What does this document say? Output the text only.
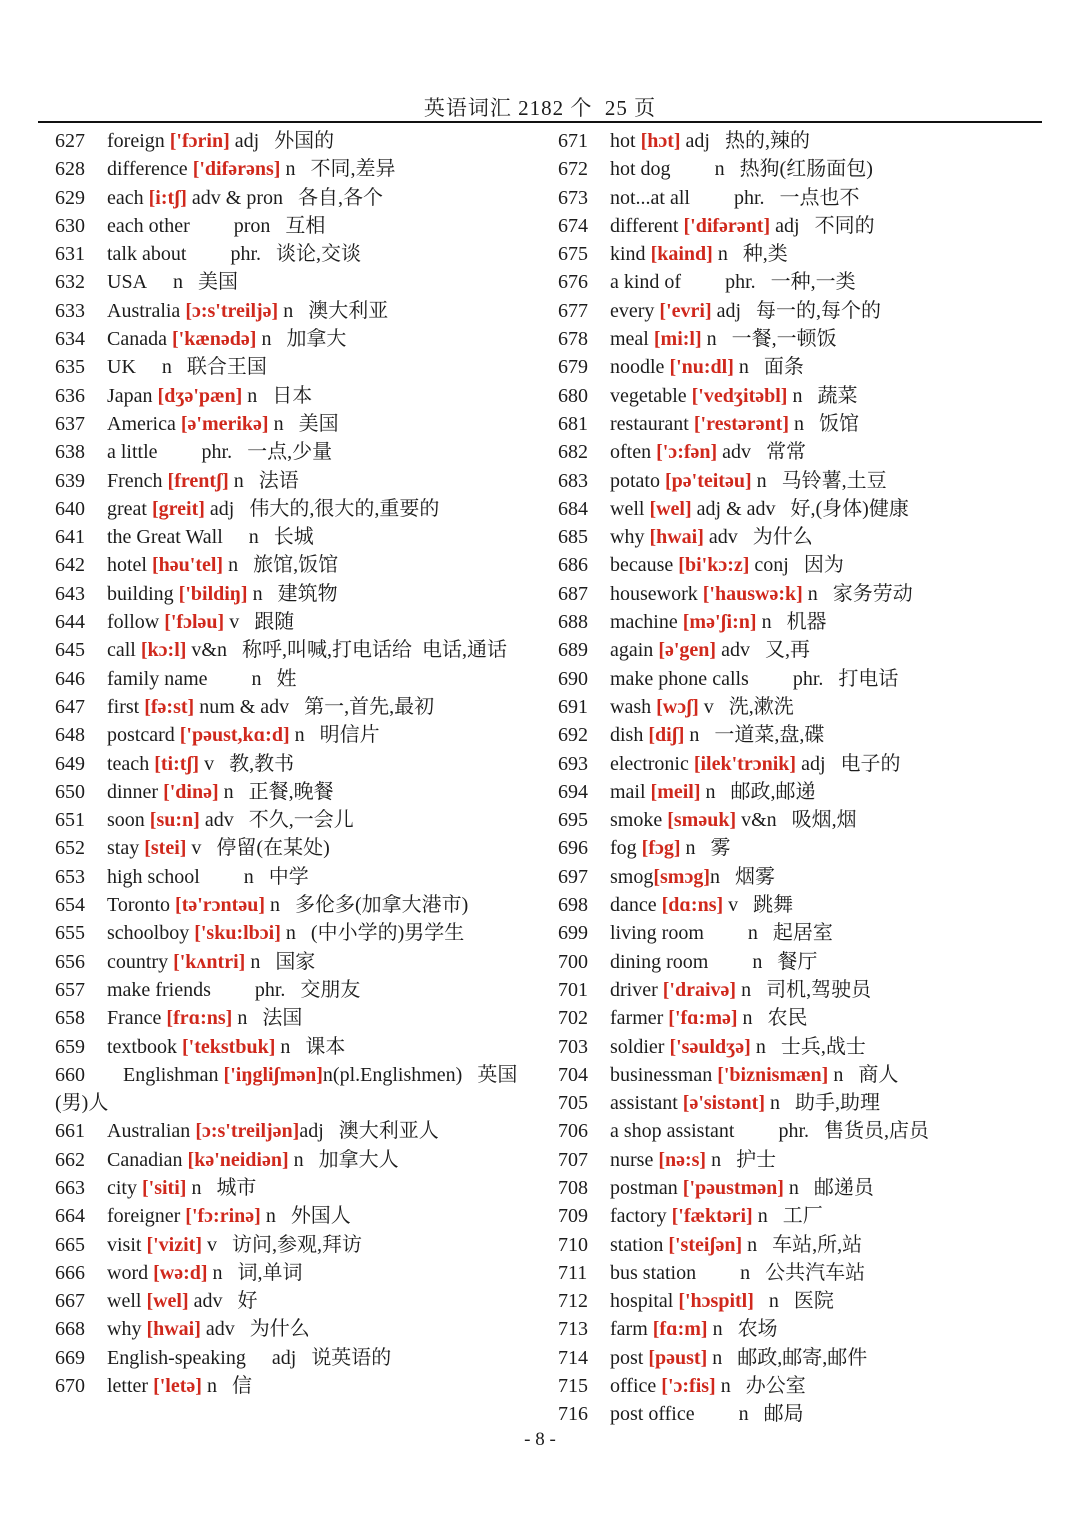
英语词汇 2182 个  25 页
627 foreign ['fɔrin] adj 外国的
628 difference ['difərəns] n 不同,差异
629 each [i:tʃ] adv & pron 各自,各个
630 each other pron 互相
631 talk about phr. 谈论,交谈
632 USA n 美国
633 Australia [ɔ:s'treiljə] n 澳大利亚
634 Canada ['kænədə] n 加拿大
635 UK n 联合王国
636 Japan [dʒə'pæn] n 日本
637 America [ə'merikə] n 美国
638 a little phr. 一点,少量
639 French [frentʃ] n 法语
640 great [greit] adj 伟大的,很大的,重要的
641 the Great Wall n 长城
642 hotel [həu'tel] n 旅馆,饭馆
643 building ['bildiŋ] n 建筑物
644 follow ['fɔləu] v 跟随
645 call [kɔ:l] v&n 称呼,叫喊,打电话给  电话,通话
646 family name n 姓
647 first [fə:st] num & adv 第一,首先,最初
648 postcard ['pəust,kɑ:d] n 明信片
649 teach [ti:tʃ] v 教,教书
650 dinner ['dinə] n 正餐,晚餐
651 soon [su:n] adv 不久,一会儿
652 stay [stei] v 停留(在某处)
653 high school n 中学
654 Toronto [tə'rɔntəu] n 多伦多(加拿大港市)
655 schoolboy ['sku:lbɔi] n (中小学的)男学生
656 country ['kʌntri] n 国家
657 make friends phr. 交朋友
658 France [frɑ:ns] n 法国
659 textbook ['tekstbuk] n 课本
660 Englishman ['iŋgliʃmən]n(pl.Englishmen) 英国(男)人
661 Australian [ɔ:s'treiljən]adj 澳大利亚人
662 Canadian [kə'neidiən] n 加拿大人
663 city ['siti] n 城市
664 foreigner ['fɔ:rinə] n 外国人
665 visit ['vizit] v 访问,参观,拜访
666 word [wə:d] n 词,单词
667 well [wel] adv 好
668 why [hwai] adv 为什么
669 English-speaking adj 说英语的
670 letter ['letə] n 信
671 hot [hɔt] adj 热的,辣的
672 hot dog n 热狗(红肠面包)
673 not...at all phr. 一点也不
674 different ['difərənt] adj 不同的
675 kind [kaind] n 种,类
676 a kind of phr. 一种,一类
677 every ['evri] adj 每一的,每个的
678 meal [mi:l] n 一餐,一顿饭
679 noodle ['nu:dl] n 面条
680 vegetable ['vedʒitəbl] n 蔬菜
681 restaurant ['restərənt] n 饭馆
682 often ['ɔ:fən] adv 常常
683 potato [pə'teitəu] n 马铃薯,土豆
684 well [wel] adj & adv 好,(身体)健康
685 why [hwai] adv 为什么
686 because [bi'kɔ:z] conj 因为
687 housework ['hauswə:k] n 家务劳动
688 machine [mə'ʃi:n] n 机器
689 again [ə'gen] adv 又,再
690 make phone calls phr. 打电话
691 wash [wɔʃ] v 洗,漱洗
692 dish [diʃ] n 一道菜,盘,碟
693 electronic [ilek'trɔnik] adj 电子的
694 mail [meil] n 邮政,邮递
695 smoke [sməuk] v&n 吸烟,烟
696 fog [fɔg] n 雾
697 smog[smɔg]n 烟雾
698 dance [dɑ:ns] v 跳舞
699 living room n 起居室
700 dining room n 餐厅
701 driver ['draivə] n 司机,驾驶员
702 farmer ['fɑ:mə] n 农民
703 soldier ['səuldʒə] n 士兵,战士
704 businessman ['biznismæn] n 商人
705 assistant [ə'sistənt] n 助手,助理
706 a shop assistant phr. 售货员,店员
707 nurse [nə:s] n 护士
708 postman ['pəustmən] n 邮递员
709 factory ['fæktəri] n 工厂
710 station ['steiʃən] n 车站,所,站
711 bus station n 公共汽车站
712 hospital ['hɔspitl]   n 医院
713 farm [fɑ:m] n 农场
714 post [pəust] n 邮政,邮寄,邮件
715 office ['ɔ:fis] n 办公室
716 post office n 邮局
- 8 -
